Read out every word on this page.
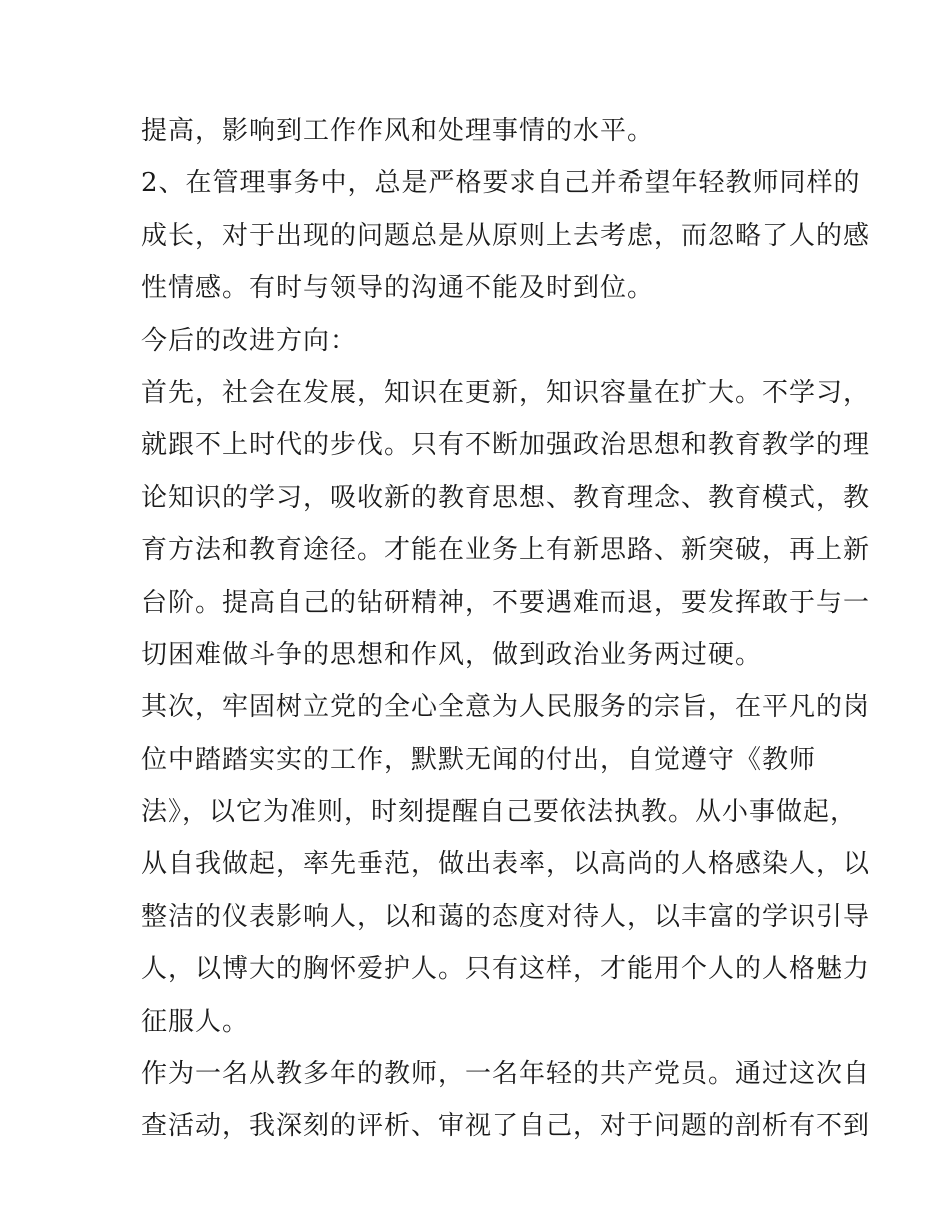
提高，影响到工作作风和处理事情的水平。
2、在管理事务中，总是严格要求自己并希望年轻教师同样的
成长，对于出现的问题总是从原则上去考虑，而忽略了人的感
性情感。有时与领导的沟通不能及时到位。
今后的改进方向：
首先，社会在发展，知识在更新，知识容量在扩大。不学习，
就跟不上时代的步伐。只有不断加强政治思想和教育教学的理
论知识的学习，吸收新的教育思想、教育理念、教育模式，教
育方法和教育途径。才能在业务上有新思路、新突破，再上新
台阶。提高自己的钻研精神，不要遇难而退，要发挥敢于与一
切困难做斗争的思想和作风，做到政治业务两过硬。
其次，牢固树立党的全心全意为人民服务的宗旨，在平凡的岗
位中踏踏实实的工作，默默无闻的付出，自觉遵守《教师
法》，以它为准则，时刻提醒自己要依法执教。从小事做起，
从自我做起，率先垂范，做出表率，以高尚的人格感染人，以
整洁的仪表影响人，以和蔼的态度对待人，以丰富的学识引导
人，以博大的胸怀爱护人。只有这样，才能用个人的人格魅力
征服人。
作为一名从教多年的教师，一名年轻的共产党员。通过这次自
查活动，我深刻的评析、审视了自己，对于问题的剖析有不到
